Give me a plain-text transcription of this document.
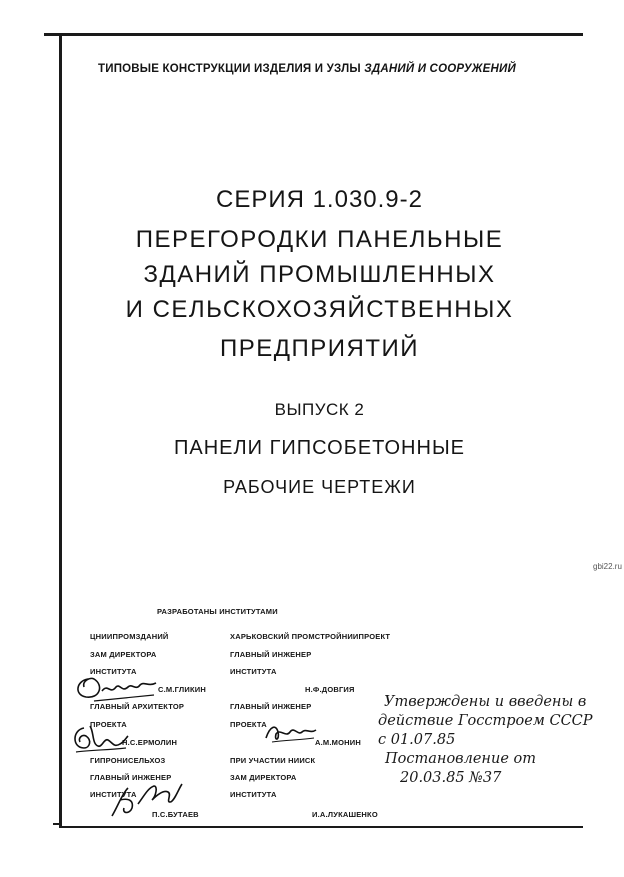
ТИПОВЫЕ КОНСТРУКЦИИ ИЗДЕЛИЯ И УЗЛЫ ЗДАНИЙ И СООРУЖЕНИЙ
СЕРИЯ 1.030.9-2
ПЕРЕГОРОДКИ ПАНЕЛЬНЫЕ
ЗДАНИЙ ПРОМЫШЛЕННЫХ
И СЕЛЬСКОХОЗЯЙСТВЕННЫХ
ПРЕДПРИЯТИЙ
ВЫПУСК 2
ПАНЕЛИ ГИПСОБЕТОННЫЕ
РАБОЧИЕ ЧЕРТЕЖИ
gbi22.ru
РАЗРАБОТАНЫ ИНСТИТУТАМИ
ЦНИИПРОМЗДАНИЙ
ЗАМ ДИРЕКТОРА
ИНСТИТУТА
С.М.ГЛИКИН
ГЛАВНЫЙ АРХИТЕКТОР
ПРОЕКТА
Н.С.ЕРМОЛИН
ГИПРОНИСЕЛЬХОЗ
ГЛАВНЫЙ ИНЖЕНЕР
ИНСТИТУТА
П.С.БУТАЕВ
ХАРЬКОВСКИЙ ПРОМСТРОЙНИИПРОЕКТ
ГЛАВНЫЙ ИНЖЕНЕР
ИНСТИТУТА
Н.Ф.ДОВГИЯ
ГЛАВНЫЙ ИНЖЕНЕР
ПРОЕКТА
А.М.МОНИН
ПРИ УЧАСТИИ НИИСК
ЗАМ ДИРЕКТОРА
ИНСТИТУТА
И.А.ЛУКАШЕНКО
Утверждены и введены в
действие Госстроем СССР
с 01.07.85
Постановление от
20.03.85 №37
